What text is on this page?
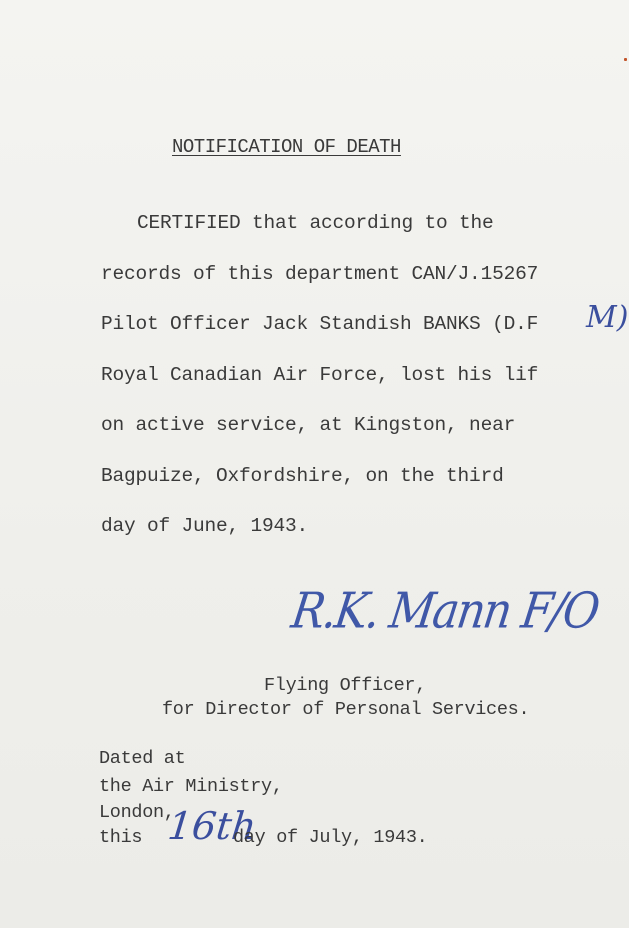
NOTIFICATION OF DEATH
CERTIFIED that according to the
records of this department CAN/J.15267
Pilot Officer Jack Standish BANKS (D.F M)
Royal Canadian Air Force, lost his lif
on active service, at Kingston, near
Bagpuize, Oxfordshire, on the third
day of June, 1943.
R.K. Mann F/O
Flying Officer,
for Director of Personal Services.
Dated at
the Air Ministry,
London,
this 16th
day of July, 1943.
